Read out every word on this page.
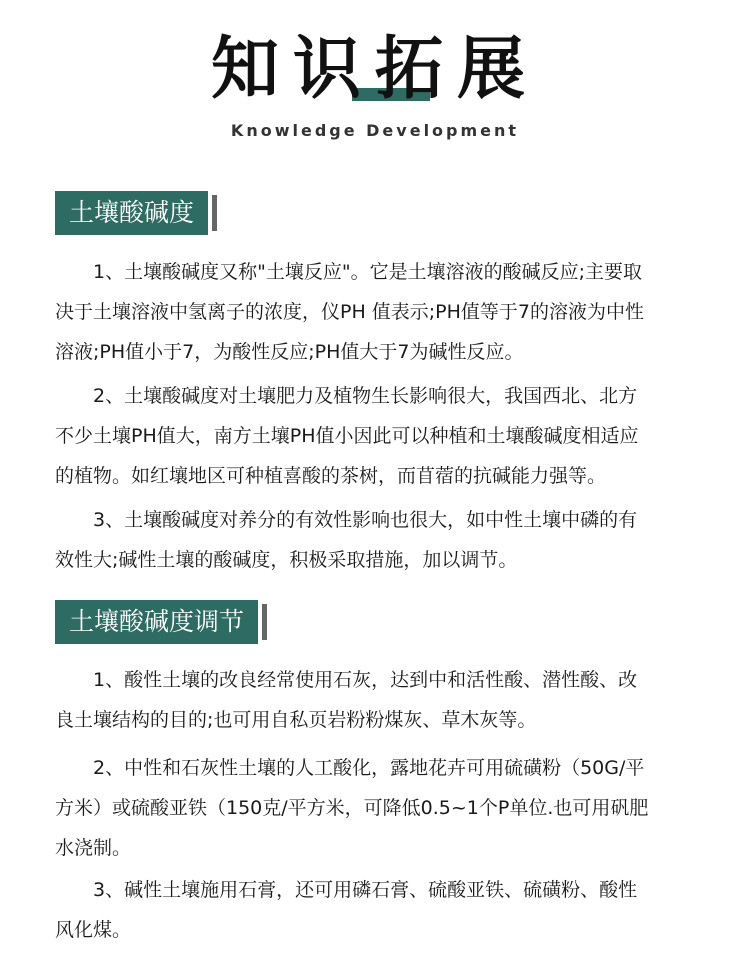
知识拓展
Knowledge Development
土壤酸碱度

　　1、土壤酸碱度又称"土壤反应"。它是土壤溶液的酸碱反应;主要取
决于土壤溶液中氢离子的浓度，仪PH 值表示;PH值等于7的溶液为中性
溶液;PH值小于7，为酸性反应;PH值大于7为碱性反应。

　　2、土壤酸碱度对土壤肥力及植物生长影响很大，我国西北、北方
不少土壤PH值大，南方土壤PH值小因此可以种植和土壤酸碱度相适应
的植物。如红壤地区可种植喜酸的茶树，而苜蓿的抗碱能力强等。

　　3、土壤酸碱度对养分的有效性影响也很大，如中性土壤中磷的有
效性大;碱性土壤的酸碱度，积极采取措施，加以调节。

土壤酸碱度调节

　　1、酸性土壤的改良经常使用石灰，达到中和活性酸、潜性酸、改
良土壤结构的目的;也可用自私页岩粉粉煤灰、草木灰等。

　　2、中性和石灰性土壤的人工酸化，露地花卉可用硫磺粉（50G/平
方米）或硫酸亚铁（150克/平方米，可降低0.5~1个P单位.也可用矾肥
水浇制。

　　3、碱性土壤施用石膏，还可用磷石膏、硫酸亚铁、硫磺粉、酸性
风化煤。
